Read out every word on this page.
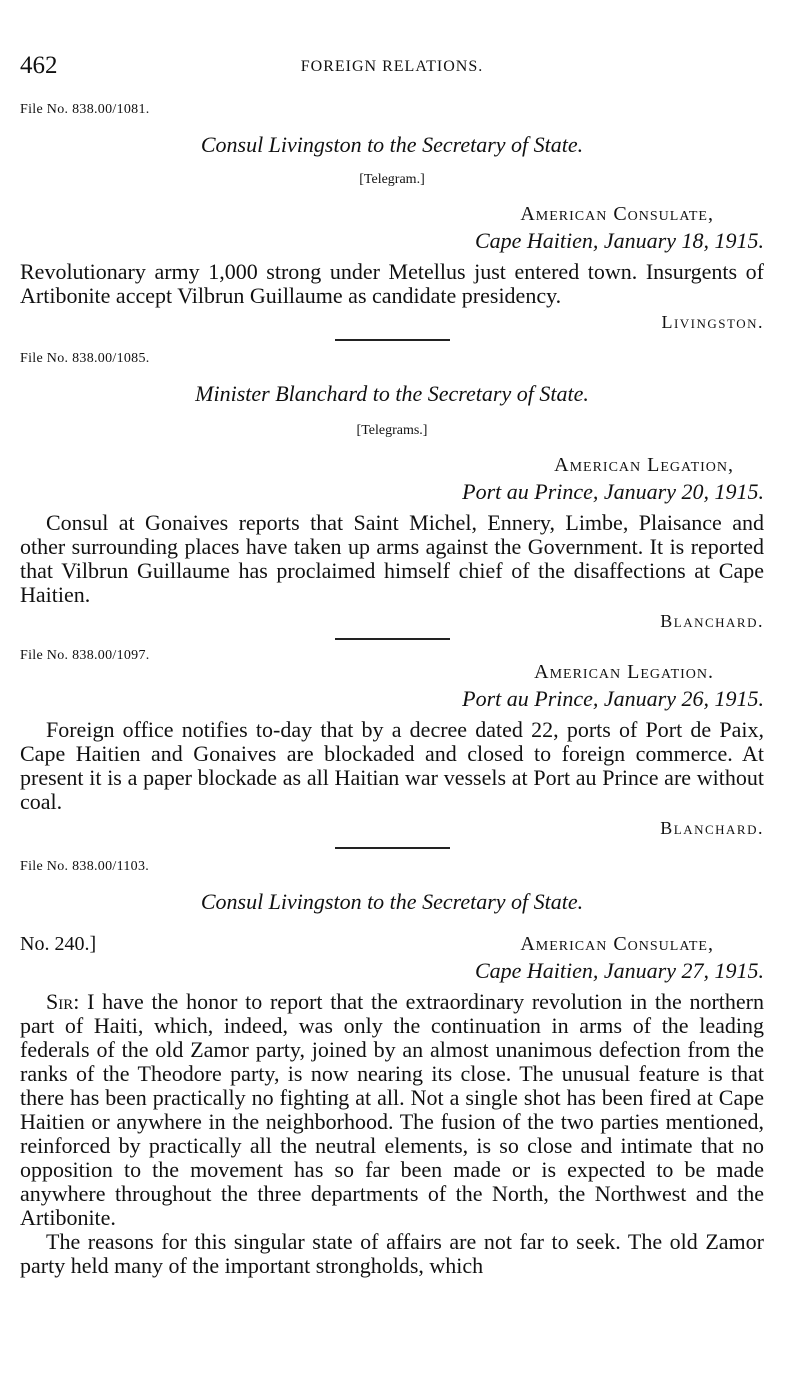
462	FOREIGN RELATIONS.

File No. 838.00/1081.

Consul Livingston to the Secretary of State.

[Telegram.]

American Consulate,

Cape Haitien, January 18, 1915.

Revolutionary army 1,000 strong under Metellus just entered town. Insurgents of Artibonite accept Vilbrun Guillaume as candidate presidency.

Livingston.

File No. 838.00/1085.

Minister Blanchard to the Secretary of State.

[Telegrams.]

American Legation,

Port au Prince, January 20, 1915.

Consul at Gonaives reports that Saint Michel, Ennery, Limbe, Plaisance and other surrounding places have taken up arms against the Government. It is reported that Vilbrun Guillaume has proclaimed himself chief of the disaffections at Cape Haitien.

Blanchard.

File No. 838.00/1097.

American Legation.

Port au Prince, January 26, 1915.

Foreign office notifies to-day that by a decree dated 22, ports of Port de Paix, Cape Haitien and Gonaives are blockaded and closed to foreign commerce. At present it is a paper blockade as all Haitian war vessels at Port au Prince are without coal.

Blanchard.

File No. 838.00/1103.

Consul Livingston to the Secretary of State.

No. 240.]	American Consulate,

Cape Haitien, January 27, 1915.

Sir: I have the honor to report that the extraordinary revolution in the northern part of Haiti, which, indeed, was only the continuation in arms of the leading federals of the old Zamor party, joined by an almost unanimous defection from the ranks of the Theodore party, is now nearing its close. The unusual feature is that there has been practically no fighting at all. Not a single shot has been fired at Cape Haitien or anywhere in the neighborhood. The fusion of the two parties mentioned, reinforced by practically all the neutral elements, is so close and intimate that no opposition to the movement has so far been made or is expected to be made anywhere throughout the three departments of the North, the Northwest and the Artibonite.

The reasons for this singular state of affairs are not far to seek. The old Zamor party held many of the important strongholds, which
